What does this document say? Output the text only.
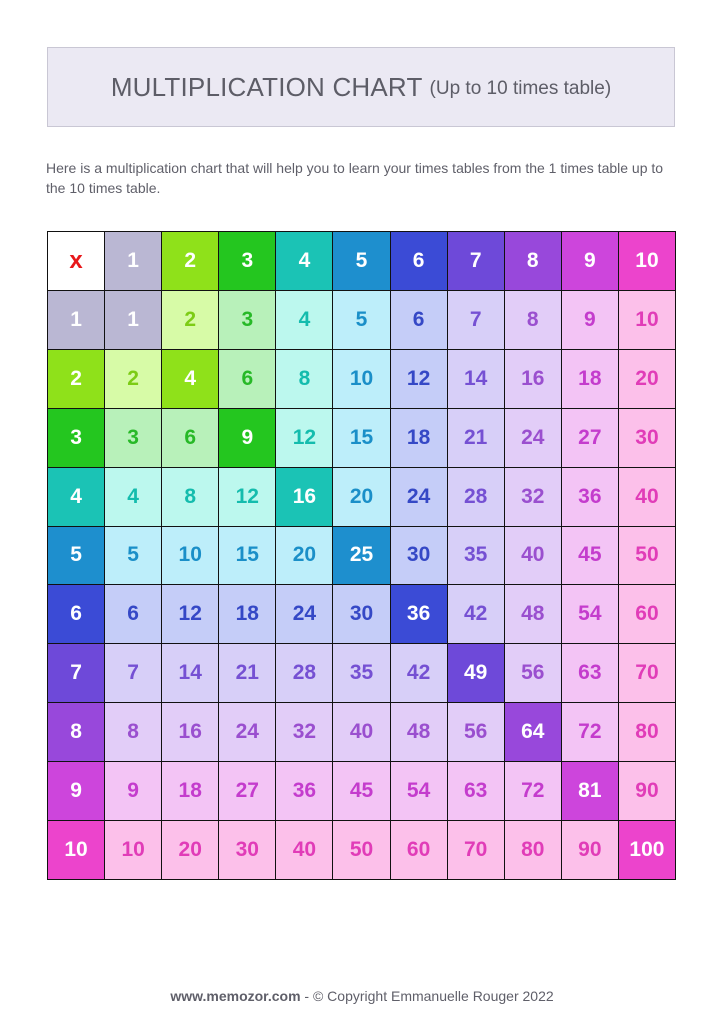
MULTIPLICATION CHART (Up to 10 times table)
Here is a multiplication chart that will help you to learn your times tables from the 1 times table up to the 10 times table.
x	1	2	3	4	5	6	7	8	9	10
1	1	2	3	4	5	6	7	8	9	10
2	2	4	6	8	10	12	14	16	18	20
3	3	6	9	12	15	18	21	24	27	30
4	4	8	12	16	20	24	28	32	36	40
5	5	10	15	20	25	30	35	40	45	50
6	6	12	18	24	30	36	42	48	54	60
7	7	14	21	28	35	42	49	56	63	70
8	8	16	24	32	40	48	56	64	72	80
9	9	18	27	36	45	54	63	72	81	90
10	10	20	30	40	50	60	70	80	90	100
www.memozor.com - © Copyright Emmanuelle Rouger 2022
